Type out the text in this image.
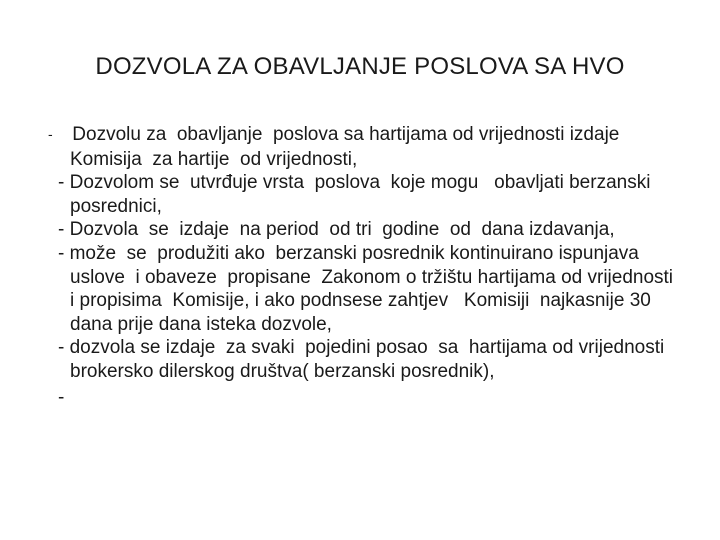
DOZVOLA ZA OBAVLJANJE POSLOVA SA HVO

- Dozvolu za  obavljanje  poslova sa hartijama od vrijednosti izdaje   Komisija  za hartije  od vrijednosti,

- Dozvolom se  utvrđuje vrsta  poslova  koje mogu   obavljati berzanski  posrednici,

- Dozvola  se  izdaje  na period  od tri  godine  od  dana izdavanja,

- može  se  produžiti ako  berzanski posrednik kontinuirano ispunjava  uslove  i obaveze  propisane  Zakonom o tržištu hartijama od vrijednosti   i propisima  Komisije, i ako podnsese zahtjev   Komisiji  najkasnije 30 dana prije dana isteka dozvole,

- dozvola se izdaje  za svaki  pojedini posao  sa  hartijama od vrijednosti  brokersko dilerskog društva( berzanski posrednik),

-
